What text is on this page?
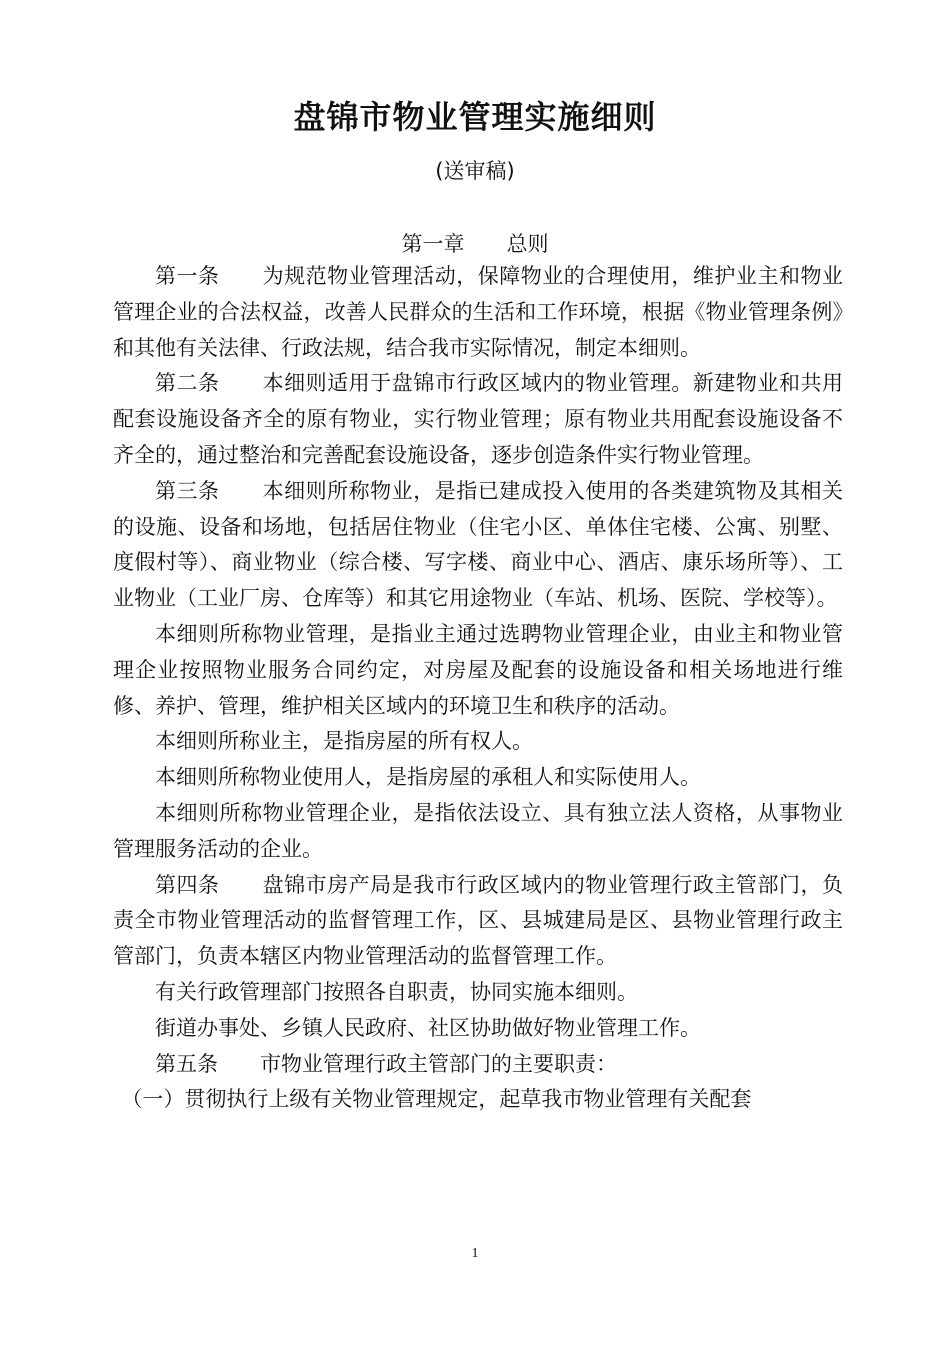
盘锦市物业管理实施细则
(送审稿)
第一章　　总则

第一条　　为规范物业管理活动，保障物业的合理使用，维护业主和物业管理企业的合法权益，改善人民群众的生活和工作环境，根据《物业管理条例》和其他有关法律、行政法规，结合我市实际情况，制定本细则。

第二条　　本细则适用于盘锦市行政区域内的物业管理。新建物业和共用配套设施设备齐全的原有物业，实行物业管理；原有物业共用配套设施设备不齐全的，通过整治和完善配套设施设备，逐步创造条件实行物业管理。

第三条　　本细则所称物业，是指已建成投入使用的各类建筑物及其相关的设施、设备和场地，包括居住物业（住宅小区、单体住宅楼、公寓、别墅、度假村等）、商业物业（综合楼、写字楼、商业中心、酒店、康乐场所等）、工业物业（工业厂房、仓库等）和其它用途物业（车站、机场、医院、学校等）。

本细则所称物业管理，是指业主通过选聘物业管理企业，由业主和物业管理企业按照物业服务合同约定，对房屋及配套的设施设备和相关场地进行维修、养护、管理，维护相关区域内的环境卫生和秩序的活动。

本细则所称业主，是指房屋的所有权人。

本细则所称物业使用人，是指房屋的承租人和实际使用人。

本细则所称物业管理企业，是指依法设立、具有独立法人资格，从事物业管理服务活动的企业。

第四条　　盘锦市房产局是我市行政区域内的物业管理行政主管部门，负责全市物业管理活动的监督管理工作，区、县城建局是区、县物业管理行政主管部门，负责本辖区内物业管理活动的监督管理工作。

有关行政管理部门按照各自职责，协同实施本细则。

街道办事处、乡镇人民政府、社区协助做好物业管理工作。

第五条　　市物业管理行政主管部门的主要职责：

（一）贯彻执行上级有关物业管理规定，起草我市物业管理有关配套

1
